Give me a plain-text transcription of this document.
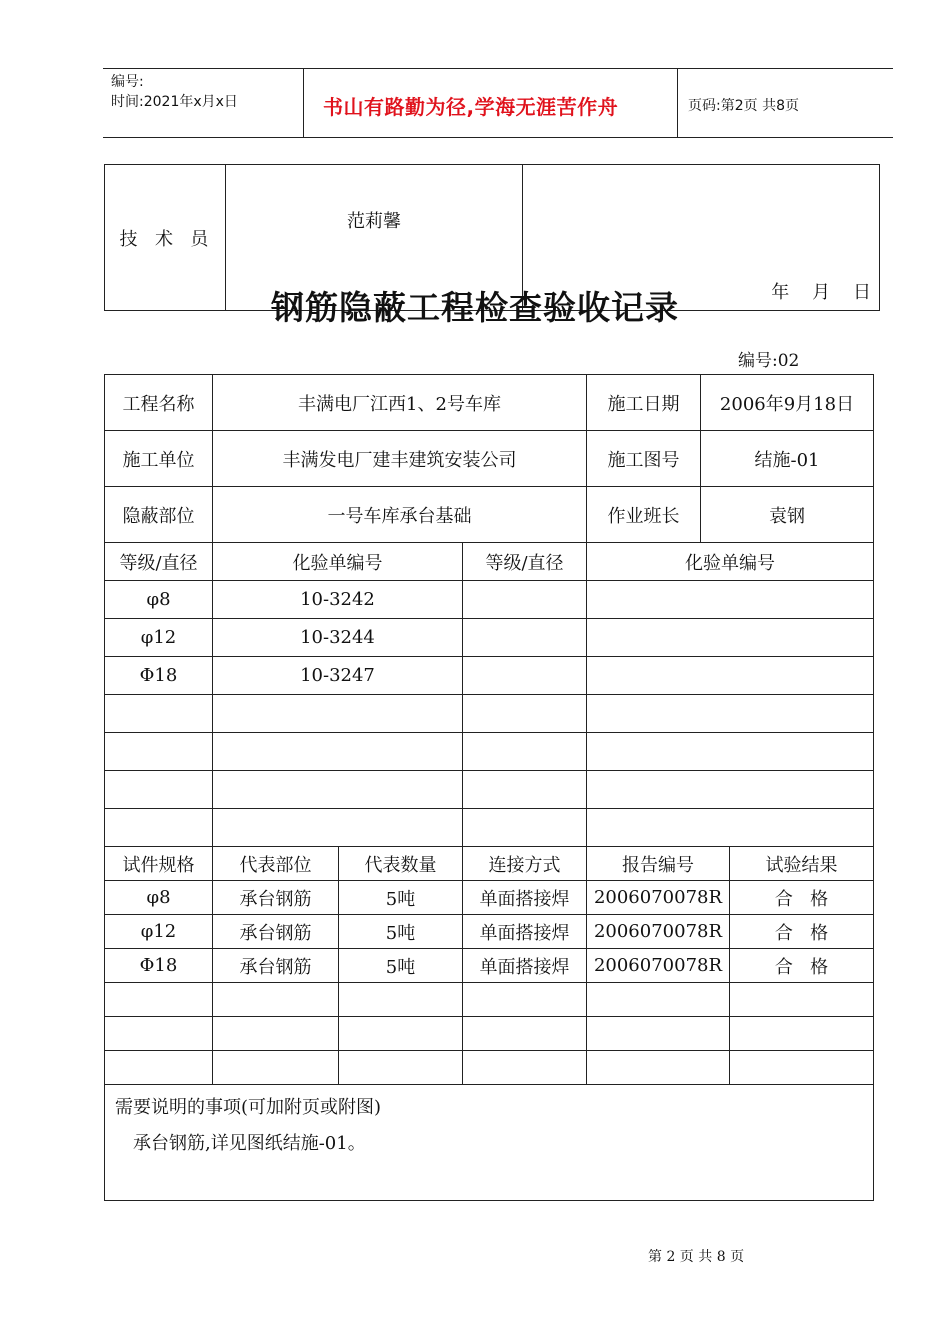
编号:
时间:2021年x月x日	书山有路勤为径,学海无涯苦作舟	页码:第2页 共8页
技  术  员	范莉馨	年    月    日
钢筋隐蔽工程检查验收记录
编号:02
工程名称	丰满电厂江西1、2号车库			施工日期	2006年9月18日	
施工单位	丰满发电厂建丰建筑安装公司			施工图号	结施-01	
隐蔽部位	一号车库承台基础			作业班长	袁钢	
等级/直径	化验单编号		等级/直径	化验单编号		
φ8	10-3242					
φ12	10-3244					
Φ18	10-3247					

试件规格	代表部位	代表数量	连接方式	报告编号		试验结果
φ8	承台钢筋	5吨	单面搭接焊	2006070078R		合   格
φ12	承台钢筋	5吨	单面搭接焊	2006070078R		合   格
Φ18	承台钢筋	5吨	单面搭接焊	2006070078R		合   格

需要说明的事项(可加附页或附图)
承台钢筋,详见图纸结施-01。						
第 2 页 共 8 页
